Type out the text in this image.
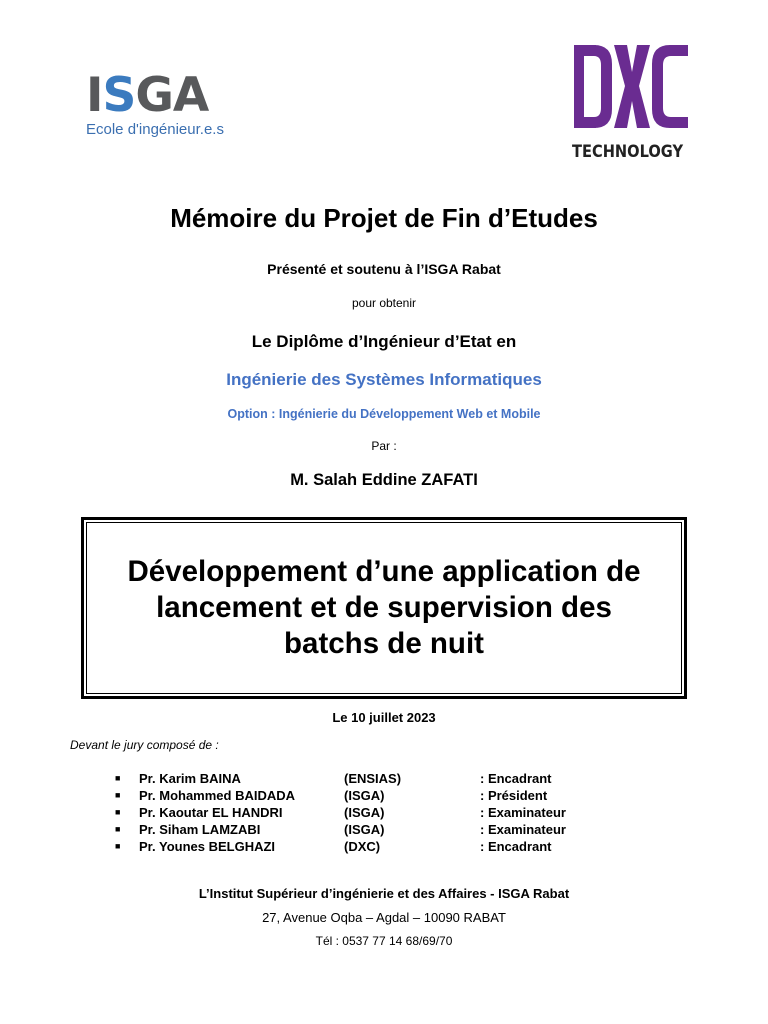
ISGA
Ecole d'ingénieur.e.s
TECHNOLOGY
Mémoire du Projet de Fin d’Etudes
Présenté et soutenu à l’ISGA Rabat
pour obtenir
Le Diplôme d’Ingénieur d’Etat en
Ingénierie des Systèmes Informatiques
Option : Ingénierie du Développement Web et Mobile
Par :
M. Salah Eddine ZAFATI
Développement d’une application de
lancement et de supervision des
batchs de nuit
Le 10 juillet 2023
Devant le jury composé de :
■ Pr. Karim BAINA	(ENSIAS)	: Encadrant
■ Pr. Mohammed BAIDADA	(ISGA)	: Président
■ Pr. Kaoutar EL HANDRI	(ISGA)	: Examinateur
■ Pr. Siham LAMZABI	(ISGA)	: Examinateur
■ Pr. Younes BELGHAZI	(DXC)	: Encadrant
L’Institut Supérieur d’ingénierie et des Affaires - ISGA Rabat
27, Avenue Oqba – Agdal – 10090 RABAT
Tél : 0537 77 14 68/69/70
